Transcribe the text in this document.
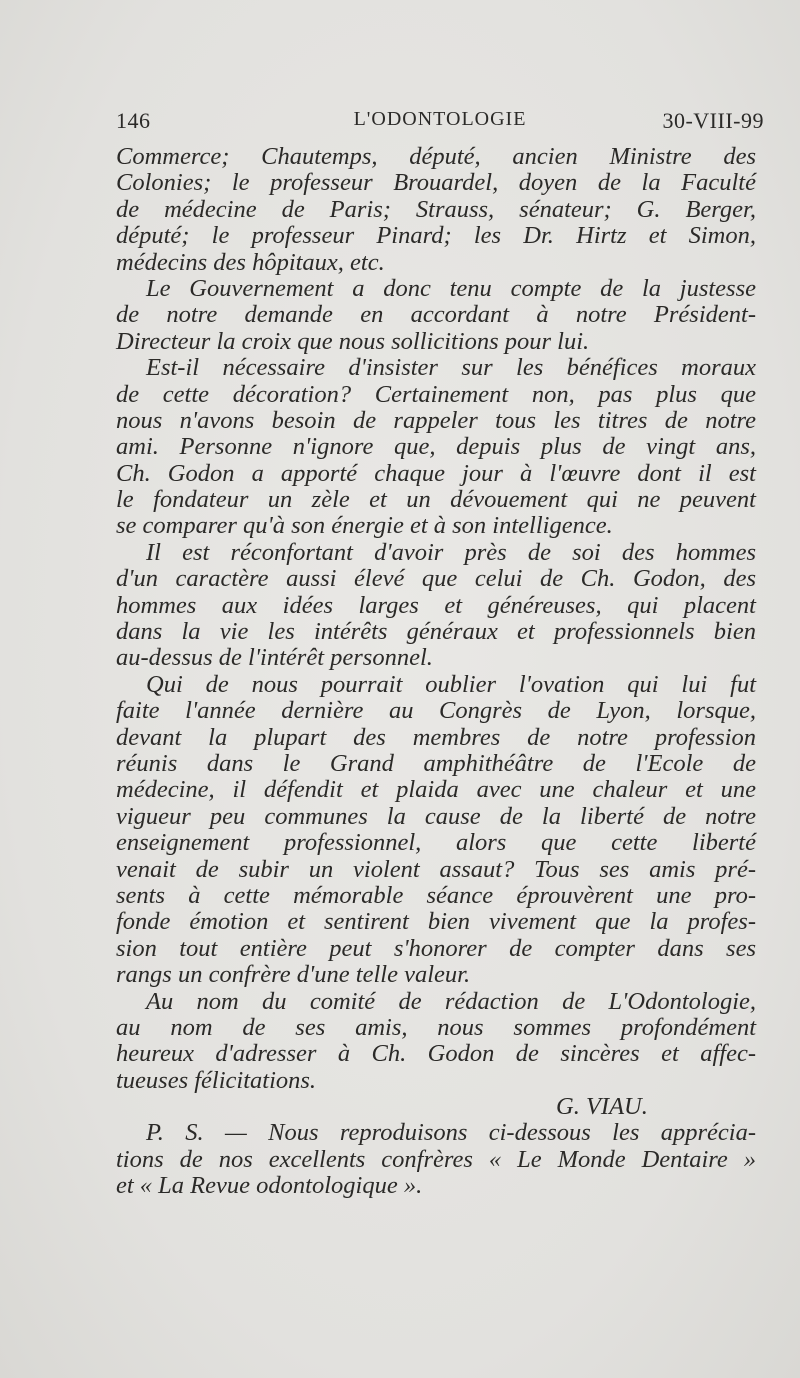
146	L'ODONTOLOGIE	30-VIII-99
Commerce; Chautemps, député, ancien Ministre des
Colonies; le professeur Brouardel, doyen de la Faculté
de médecine de Paris; Strauss, sénateur; G. Berger,
député; le professeur Pinard; les Dr. Hirtz et Simon,
médecins des hôpitaux, etc.
Le Gouvernement a donc tenu compte de la justesse
de notre demande en accordant à notre Président-
Directeur la croix que nous sollicitions pour lui.
Est-il nécessaire d'insister sur les bénéfices moraux
de cette décoration? Certainement non, pas plus que
nous n'avons besoin de rappeler tous les titres de notre
ami. Personne n'ignore que, depuis plus de vingt ans,
Ch. Godon a apporté chaque jour à l'œuvre dont il est
le fondateur un zèle et un dévouement qui ne peuvent
se comparer qu'à son énergie et à son intelligence.
Il est réconfortant d'avoir près de soi des hommes
d'un caractère aussi élevé que celui de Ch. Godon, des
hommes aux idées larges et généreuses, qui placent
dans la vie les intérêts généraux et professionnels bien
au-dessus de l'intérêt personnel.
Qui de nous pourrait oublier l'ovation qui lui fut
faite l'année dernière au Congrès de Lyon, lorsque,
devant la plupart des membres de notre profession
réunis dans le Grand amphithéâtre de l'Ecole de
médecine, il défendit et plaida avec une chaleur et une
vigueur peu communes la cause de la liberté de notre
enseignement professionnel, alors que cette liberté
venait de subir un violent assaut? Tous ses amis pré-
sents à cette mémorable séance éprouvèrent une pro-
fonde émotion et sentirent bien vivement que la profes-
sion tout entière peut s'honorer de compter dans ses
rangs un confrère d'une telle valeur.
Au nom du comité de rédaction de L'Odontologie,
au nom de ses amis, nous sommes profondément
heureux d'adresser à Ch. Godon de sincères et affec-
tueuses félicitations.
G. VIAU.
P. S. — Nous reproduisons ci-dessous les apprécia-
tions de nos excellents confrères « Le Monde Dentaire »
et « La Revue odontologique ».
